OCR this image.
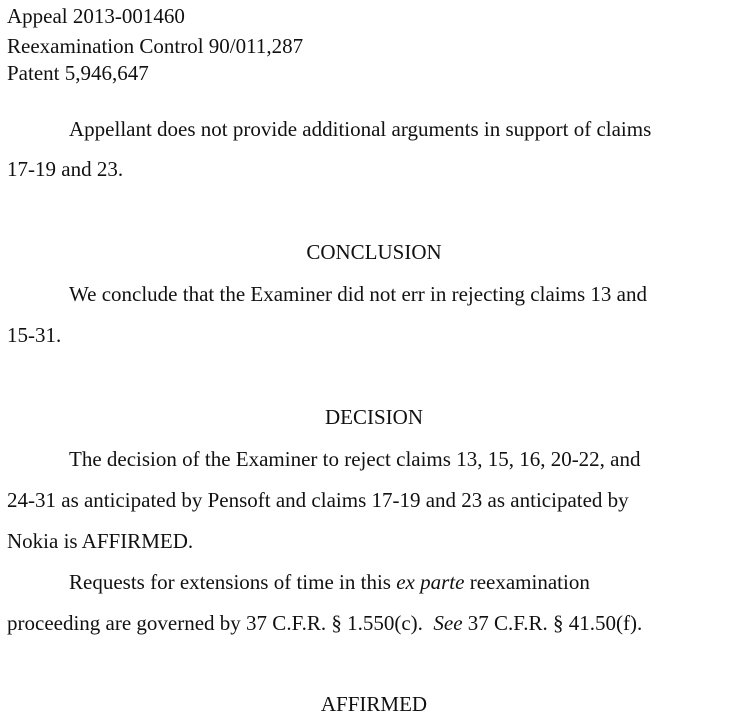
Appeal 2013-001460
Reexamination Control 90/011,287
Patent 5,946,647
Appellant does not provide additional arguments in support of claims
17-19 and 23.
CONCLUSION
We conclude that the Examiner did not err in rejecting claims 13 and
15-31.
DECISION
The decision of the Examiner to reject claims 13, 15, 16, 20-22, and
24-31 as anticipated by Pensoft and claims 17-19 and 23 as anticipated by
Nokia is AFFIRMED.
Requests for extensions of time in this ex parte reexamination
proceeding are governed by 37 C.F.R. § 1.550(c).  See 37 C.F.R. § 41.50(f).
AFFIRMED
